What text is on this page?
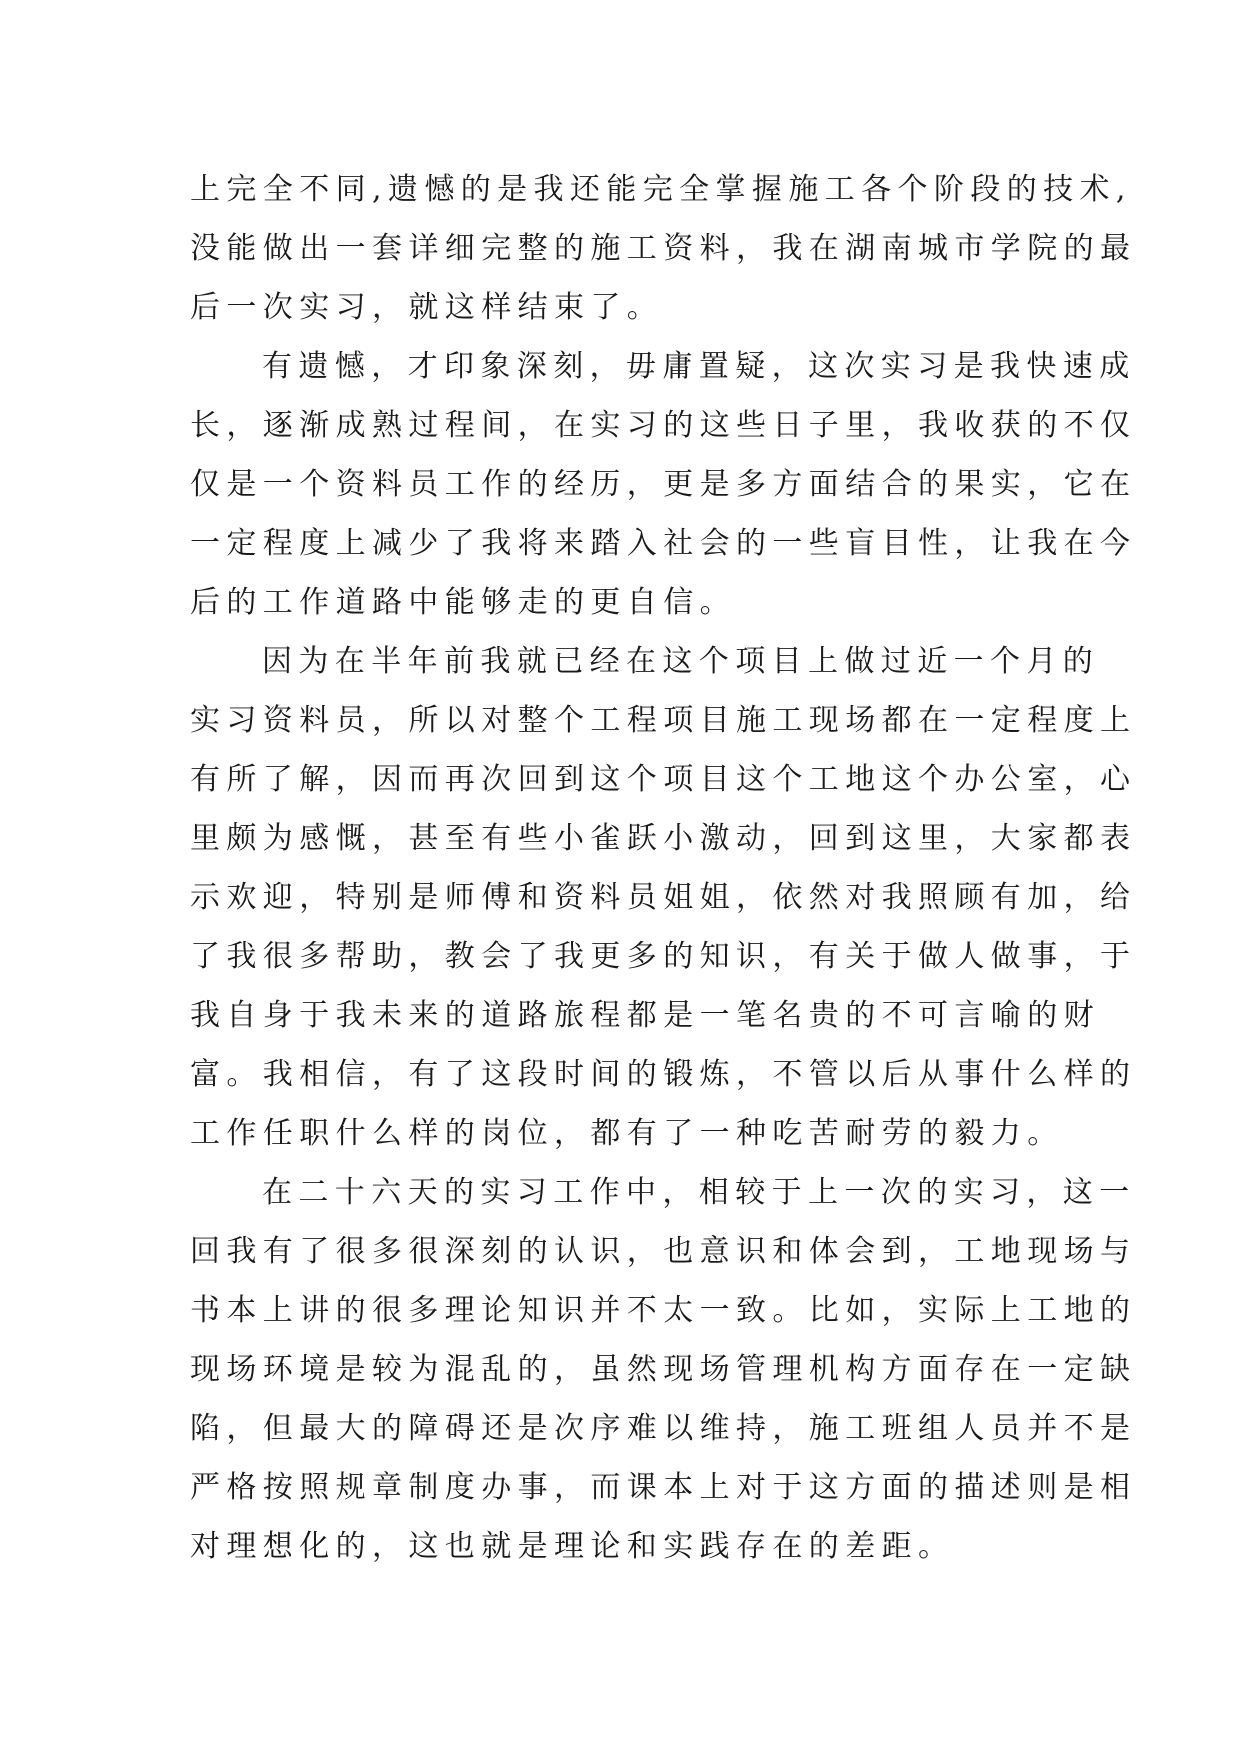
上完全不同,遗憾的是我还能完全掌握施工各个阶段的技术,
没能做出一套详细完整的施工资料，我在湖南城市学院的最
后一次实习，就这样结束了。
有遗憾，才印象深刻，毋庸置疑，这次实习是我快速成
长，逐渐成熟过程间，在实习的这些日子里，我收获的不仅
仅是一个资料员工作的经历，更是多方面结合的果实，它在
一定程度上减少了我将来踏入社会的一些盲目性，让我在今
后的工作道路中能够走的更自信。
因为在半年前我就已经在这个项目上做过近一个月的
实习资料员，所以对整个工程项目施工现场都在一定程度上
有所了解，因而再次回到这个项目这个工地这个办公室，心
里颇为感慨，甚至有些小雀跃小激动，回到这里，大家都表
示欢迎，特别是师傅和资料员姐姐，依然对我照顾有加，给
了我很多帮助，教会了我更多的知识，有关于做人做事，于
我自身于我未来的道路旅程都是一笔名贵的不可言喻的财
富。我相信，有了这段时间的锻炼，不管以后从事什么样的
工作任职什么样的岗位，都有了一种吃苦耐劳的毅力。
在二十六天的实习工作中，相较于上一次的实习，这一
回我有了很多很深刻的认识，也意识和体会到，工地现场与
书本上讲的很多理论知识并不太一致。比如，实际上工地的
现场环境是较为混乱的，虽然现场管理机构方面存在一定缺
陷，但最大的障碍还是次序难以维持，施工班组人员并不是
严格按照规章制度办事，而课本上对于这方面的描述则是相
对理想化的，这也就是理论和实践存在的差距。
